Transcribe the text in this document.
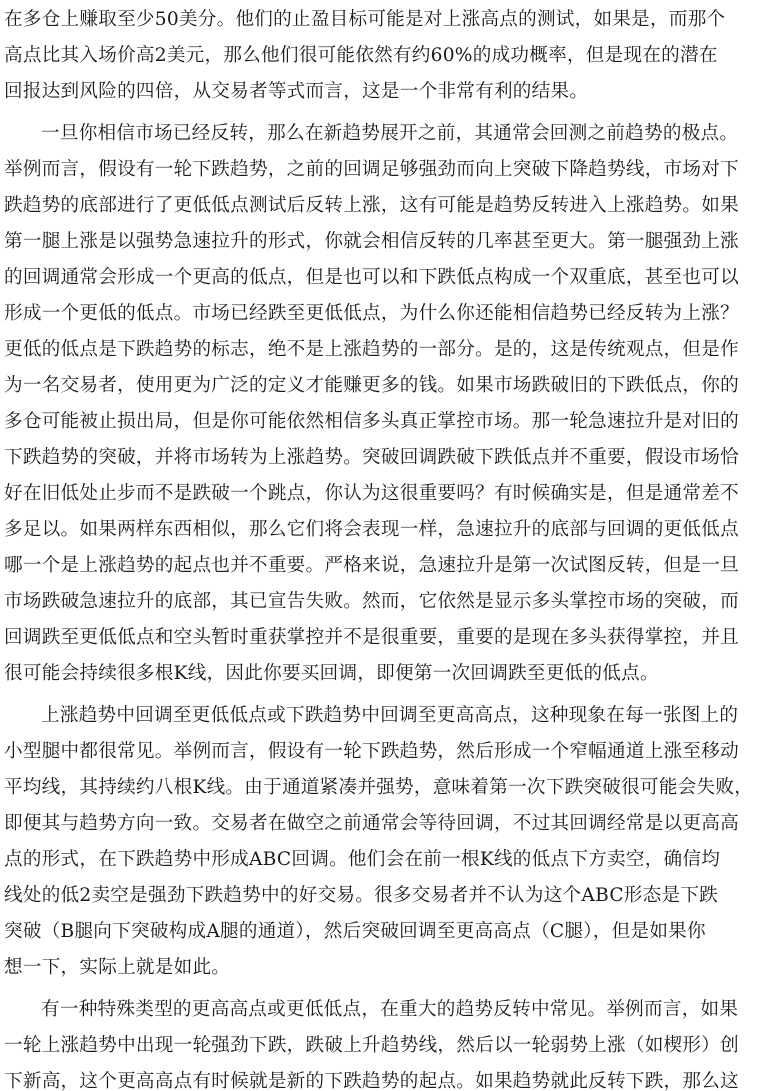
在多仓上赚取至少50美分。他们的止盈目标可能是对上涨高点的测试，如果是，而那个
高点比其入场价高2美元，那么他们很可能依然有约60%的成功概率，但是现在的潜在
回报达到风险的四倍，从交易者等式而言，这是一个非常有利的结果。
一旦你相信市场已经反转，那么在新趋势展开之前，其通常会回测之前趋势的极点。
举例而言，假设有一轮下跌趋势，之前的回调足够强劲而向上突破下降趋势线，市场对下
跌趋势的底部进行了更低低点测试后反转上涨，这有可能是趋势反转进入上涨趋势。如果
第一腿上涨是以强势急速拉升的形式，你就会相信反转的几率甚至更大。第一腿强劲上涨
的回调通常会形成一个更高的低点，但是也可以和下跌低点构成一个双重底，甚至也可以
形成一个更低的低点。市场已经跌至更低低点，为什么你还能相信趋势已经反转为上涨？
更低的低点是下跌趋势的标志，绝不是上涨趋势的一部分。是的，这是传统观点，但是作
为一名交易者，使用更为广泛的定义才能赚更多的钱。如果市场跌破旧的下跌低点，你的
多仓可能被止损出局，但是你可能依然相信多头真正掌控市场。那一轮急速拉升是对旧的
下跌趋势的突破，并将市场转为上涨趋势。突破回调跌破下跌低点并不重要，假设市场恰
好在旧低处止步而不是跌破一个跳点，你认为这很重要吗？有时候确实是，但是通常差不
多足以。如果两样东西相似，那么它们将会表现一样，急速拉升的底部与回调的更低低点
哪一个是上涨趋势的起点也并不重要。严格来说，急速拉升是第一次试图反转，但是一旦
市场跌破急速拉升的底部，其已宣告失败。然而，它依然是显示多头掌控市场的突破，而
回调跌至更低低点和空头暂时重获掌控并不是很重要，重要的是现在多头获得掌控，并且
很可能会持续很多根K线，因此你要买回调，即便第一次回调跌至更低的低点。
上涨趋势中回调至更低低点或下跌趋势中回调至更高高点，这种现象在每一张图上的
小型腿中都很常见。举例而言，假设有一轮下跌趋势，然后形成一个窄幅通道上涨至移动
平均线，其持续约八根K线。由于通道紧凑并强势，意味着第一次下跌突破很可能会失败，
即便其与趋势方向一致。交易者在做空之前通常会等待回调，不过其回调经常是以更高高
点的形式，在下跌趋势中形成ABC回调。他们会在前一根K线的低点下方卖空，确信均
线处的低2卖空是强劲下跌趋势中的好交易。很多交易者并不认为这个ABC形态是下跌
突破（B腿向下突破构成A腿的通道），然后突破回调至更高高点（C腿），但是如果你
想一下，实际上就是如此。
有一种特殊类型的更高高点或更低低点，在重大的趋势反转中常见。举例而言，如果
一轮上涨趋势中出现一轮强劲下跌，跌破上升趋势线，然后以一轮弱势上涨（如楔形）创
下新高，这个更高高点有时候就是新的下跌趋势的起点。如果趋势就此反转下跌，那么这
